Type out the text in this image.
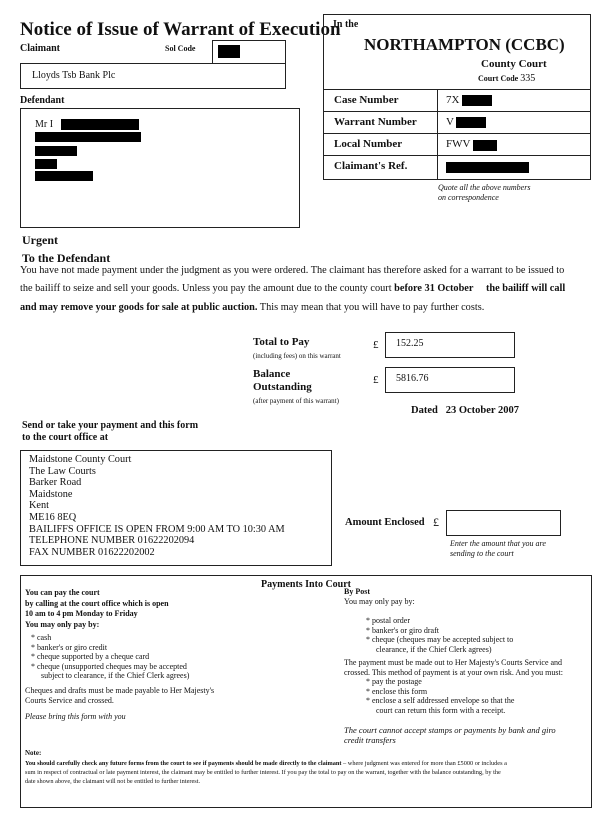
Notice of Issue of Warrant of Execution
Claimant	Sol Code
Lloyds Tsb Bank Plc
Defendant
Mr I
In the
NORTHAMPTON (CCBC)
County Court
Court Code 335
Case Number	7X
Warrant Number	V
Local Number	FWV
Claimant's Ref.
Quote all the above numbers
on correspondence
Urgent
To the Defendant
You have not made payment under the judgment as you were ordered. The claimant has therefore asked for a warrant to be issued to
the bailiff to seize and sell your goods. Unless you pay the amount due to the county court before 31 October the bailiff will call
and may remove your goods for sale at public auction. This may mean that you will have to pay further costs.
Total to Pay
(including fees) on this warrant
£ 152.25
Balance
Outstanding
(after payment of this warrant)
£ 5816.76
Dated 23 October 2007
Send or take your payment and this form
to the court office at
Maidstone County Court
The Law Courts
Barker Road
Maidstone
Kent
ME16 8EQ
BAILIFFS OFFICE IS OPEN FROM 9:00 AM TO 10:30 AM
TELEPHONE NUMBER 01622202094
FAX NUMBER 01622202002
Amount Enclosed £
Enter the amount that you are
sending to the court
Payments Into Court
You can pay the court
by calling at the court office which is open
10 am to 4 pm Monday to Friday
You may only pay by:
* cash
* banker's or giro credit
* cheque supported by a cheque card
* cheque (unsupported cheques may be accepted
subject to clearance, if the Chief Clerk agrees)
Cheques and drafts must be made payable to Her Majesty's
Courts Service and crossed.
Please bring this form with you
By Post
You may only pay by:
* postal order
* banker's or giro draft
* cheque (cheques may be accepted subject to
clearance, if the Chief Clerk agrees)
The payment must be made out to Her Majesty's Courts Service and
crossed. This method of payment is at your own risk. And you must:
* pay the postage
* enclose this form
* enclose a self addressed envelope so that the
court can return this form with a receipt.
The court cannot accept stamps or payments by bank and giro
credit transfers
Note:
You should carefully check any future forms from the court to see if payments should be made directly to the claimant – where judgment was entered for more than £5000 or includes a
sum in respect of contractual or late payment interest, the claimant may be entitled to further interest. If you pay the total to pay on the warrant, together with the balance outstanding, by the
date shown above, the claimant will not be entitled to further interest.
